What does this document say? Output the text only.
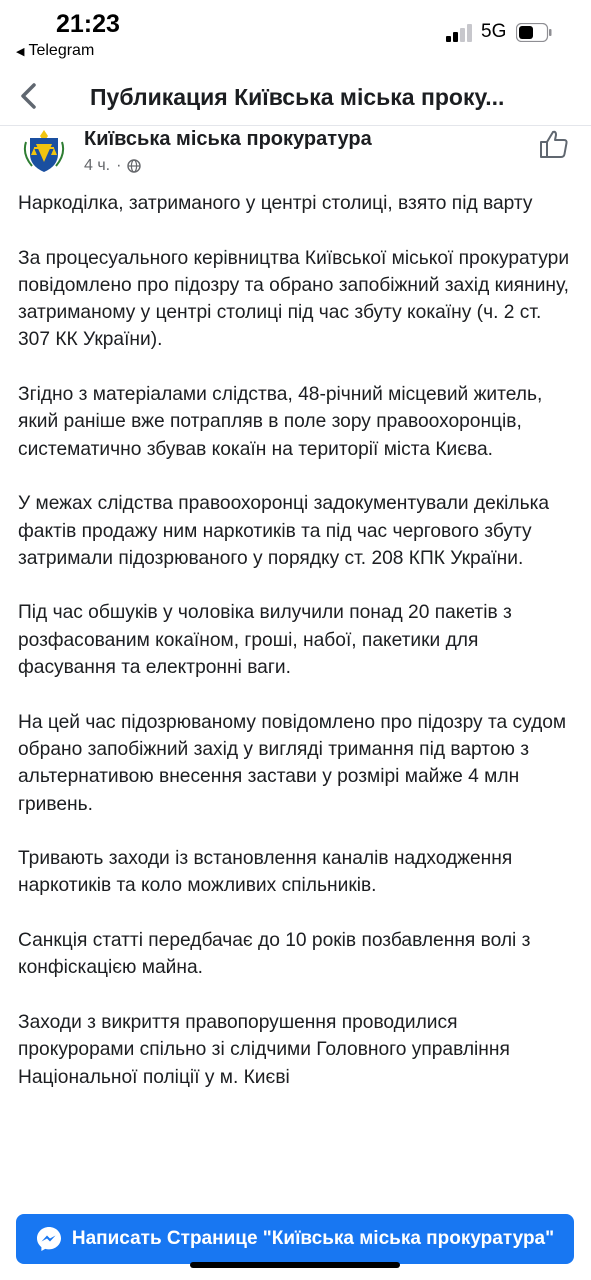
21:23
◀ Telegram
5G
Публикация Київська міська проку...
Київська міська прокуратура
4 ч. ·

Наркоділка, затриманого у центрі столиці, взято під варту

За процесуального керівництва Київської міської прокуратури повідомлено про підозру та обрано запобіжний захід киянину, затриманому у центрі столиці під час збуту кокаїну (ч. 2 ст. 307 КК України).

Згідно з матеріалами слідства, 48-річний місцевий житель, який раніше вже потрапляв в поле зору правоохоронців, систематично збував кокаїн на території міста Києва.

У межах слідства правоохоронці задокументували декілька фактів продажу ним наркотиків та під час чергового збуту затримали підозрюваного у порядку ст. 208 КПК України.

Під час обшуків у чоловіка вилучили понад 20 пакетів з розфасованим кокаїном, гроші, набої, пакетики для фасування та електронні ваги.

На цей час підозрюваному повідомлено про підозру та судом обрано запобіжний захід у вигляді тримання під вартою з альтернативою внесення застави у розмірі майже 4 млн гривень.

Тривають заходи із встановлення каналів надходження наркотиків та коло можливих спільників.

Санкція статті передбачає до 10 років позбавлення волі з конфіскацією майна.

Заходи з викриття правопорушення проводилися прокурорами спільно зі слідчими Головного управління Національної поліції у м. Києві

Написать Странице "Київська міська прокуратура"
